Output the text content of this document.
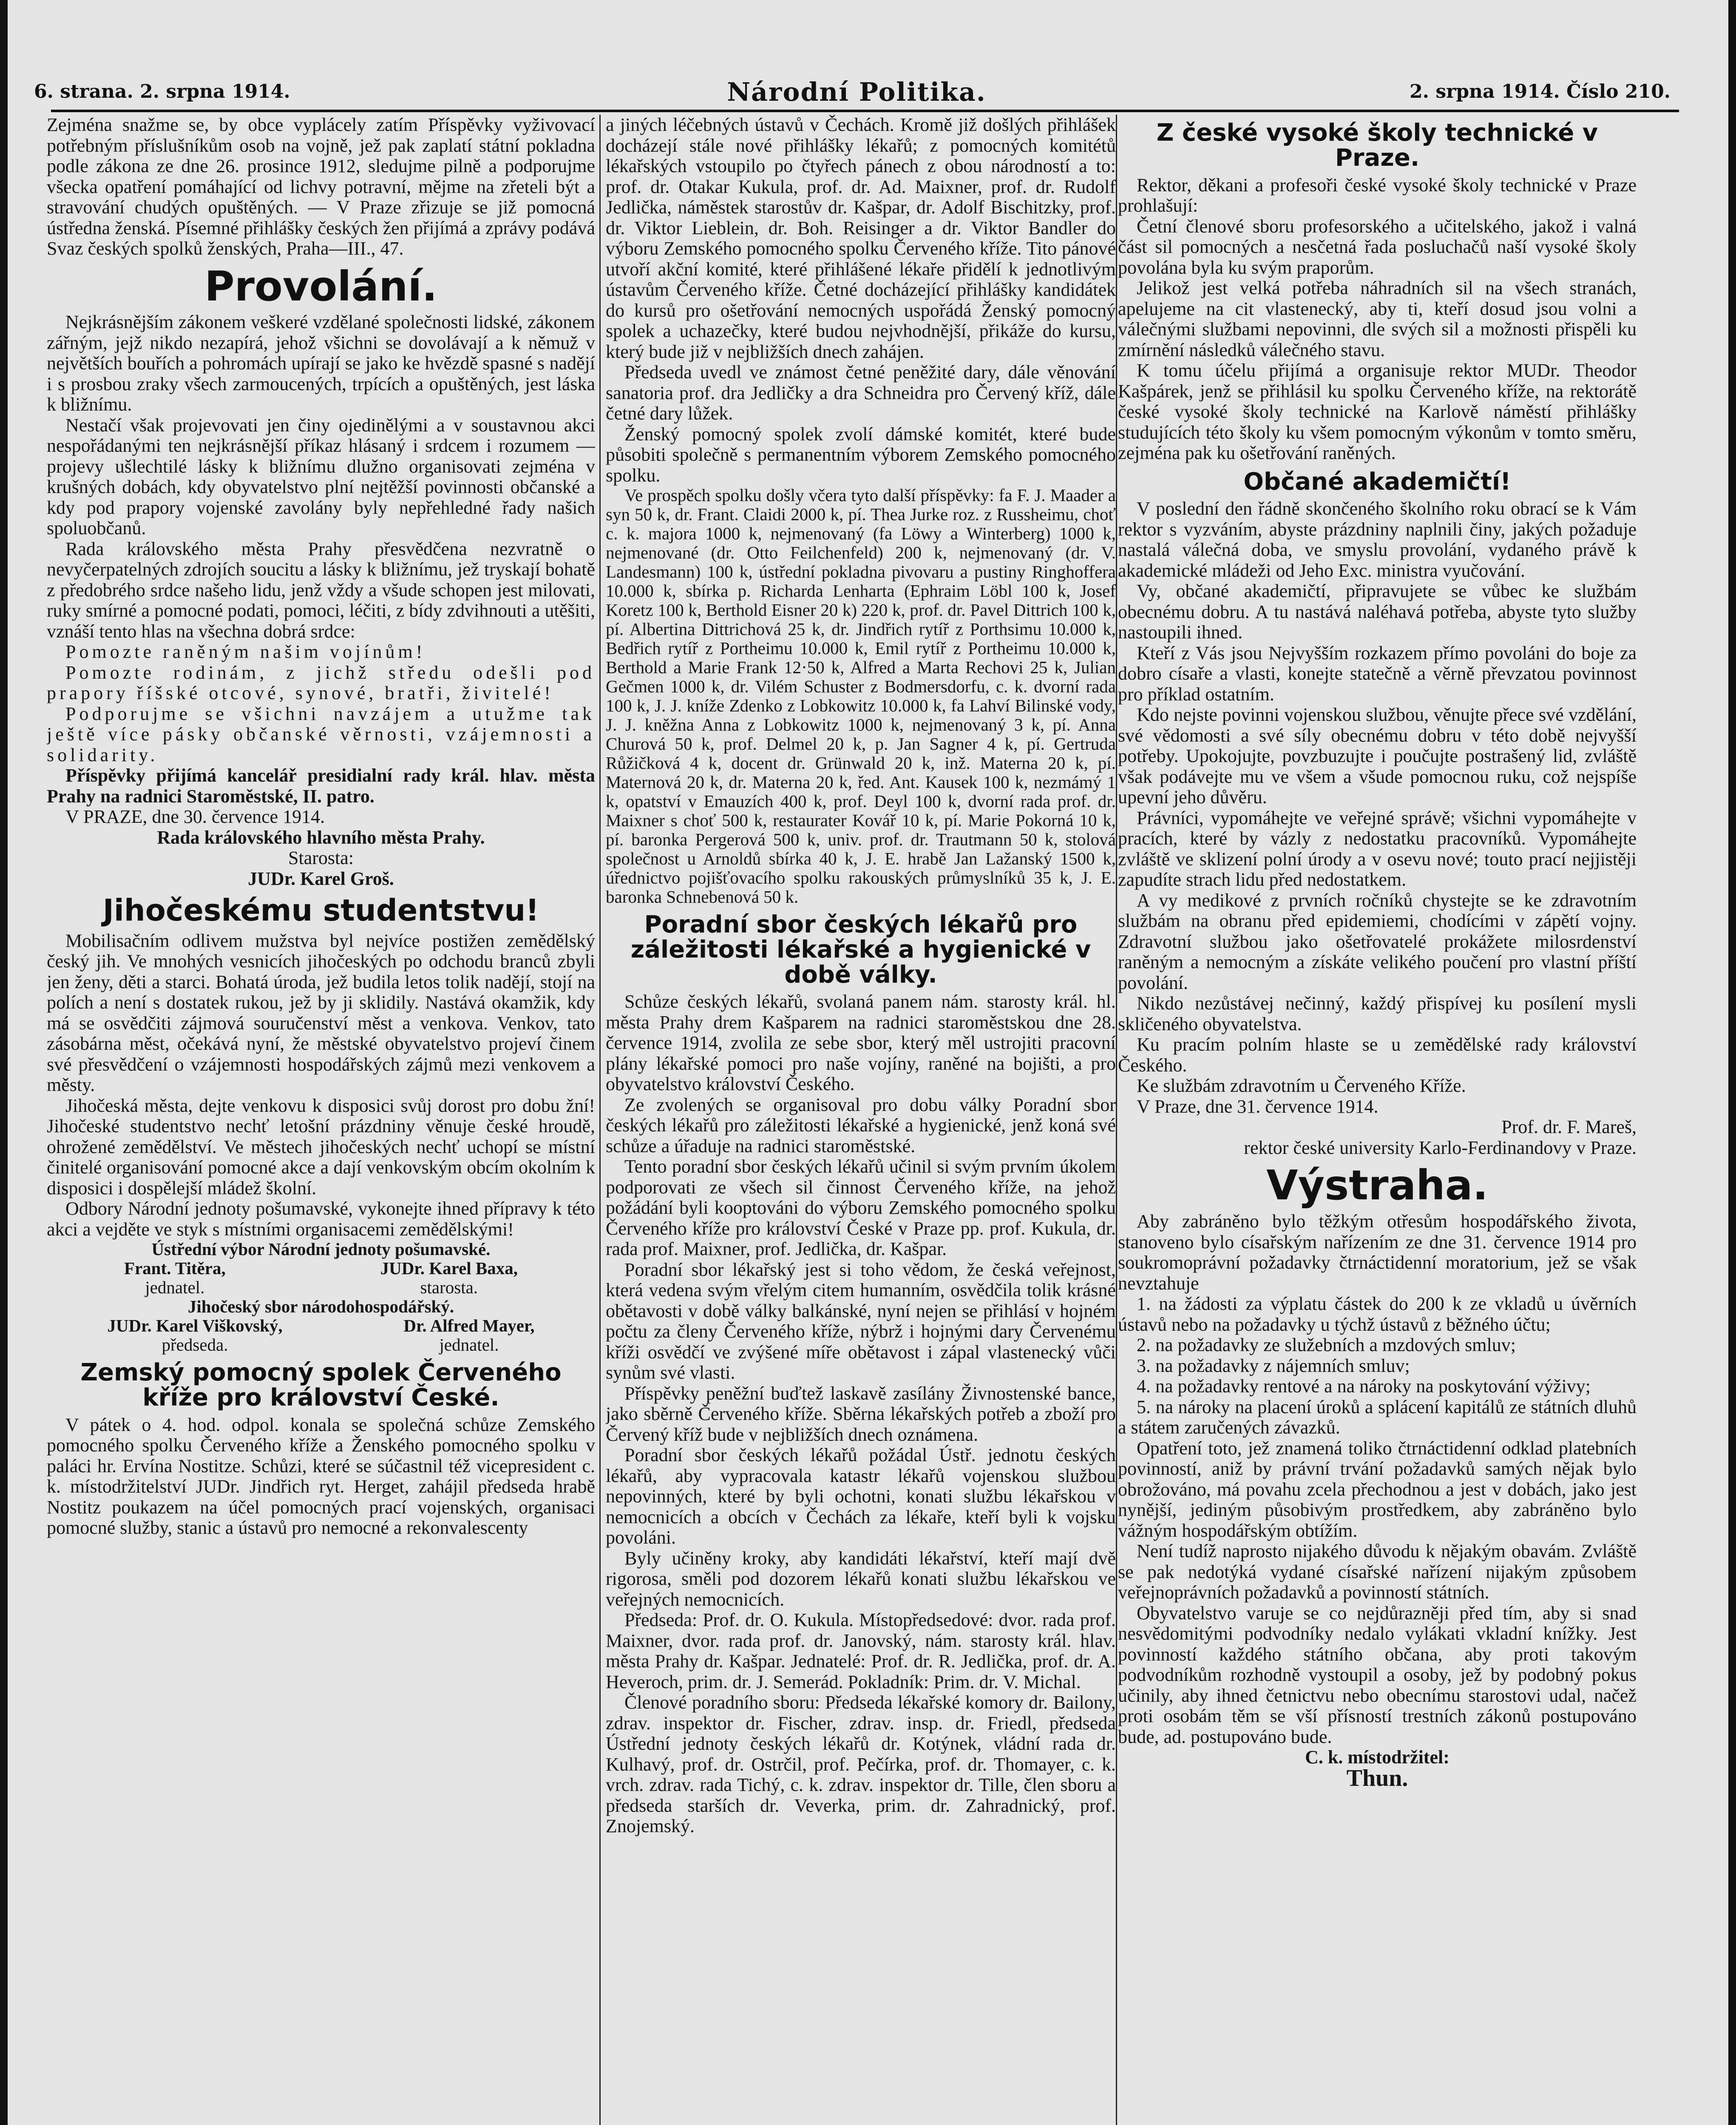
6. strana. 2. srpna 1914.	Národní Politika.	2. srpna 1914. Číslo 210.

Zejména snažme se, by obce vyplácely zatím Příspěvky vyživovací potřebným příslušníkům osob na vojně, jež pak zaplatí státní pokladna podle zákona ze dne 26. prosince 1912, sledujme pilně a podporujme všecka opatření pomáhající od lichvy potravní, mějme na zřeteli být a stravování chudých opuštěných. — V Praze zřizuje se již pomocná ústředna ženská. Písemné přihlášky českých žen přijímá a zprávy podává Svaz českých spolků ženských, Praha—III., 47.

Provolání.

Nejkrásnějším zákonem veškeré vzdělané společnosti lidské, zákonem zářným, jejž nikdo nezapírá, jehož všichni se dovolávají a k němuž v největších bouřích a pohromách upírají se jako ke hvězdě spasné s nadějí i s prosbou zraky všech zarmoucených, trpících a opuštěných, jest láska k bližnímu.

Nestačí však projevovati jen činy ojedinělými a v soustavnou akci nespořádanými ten nejkrásnější příkaz hlásaný i srdcem i rozumem — projevy ušlechtilé lásky k bližnímu dlužno organisovati zejména v krušných dobách, kdy obyvatelstvo plní nejtěžší povinnosti občanské a kdy pod prapory vojenské zavolány byly nepřehledné řady našich spoluobčanů.

Rada královského města Prahy přesvědčena nezvratně o nevyčerpatelných zdrojích soucitu a lásky k bližnímu, jež tryskají bohatě z předobrého srdce našeho lidu, jenž vždy a všude schopen jest milovati, ruky smírné a pomocné podati, pomoci, léčiti, z bídy zdvihnouti a utěšiti, vznáší tento hlas na všechna dobrá srdce:

Pomozte raněným našim vojínům!

Pomozte rodinám, z jichž středu odešli pod prapory říšské otcové, synové, bratři, živitelé!

Podporujme se všichni navzájem a utužme tak ještě více pásky občanské věrnosti, vzájemnosti a solidarity.

Příspěvky přijímá kancelář presidialní rady král. hlav. města Prahy na radnici Staroměstské, II. patro.

V PRAZE, dne 30. července 1914.

Rada královského hlavního města Prahy.

Starosta:

JUDr. Karel Groš.

Jihočeskému studentstvu!

Mobilisačním odlivem mužstva byl nejvíce postižen zemědělský český jih. Ve mnohých vesnicích jihočeských po odchodu branců zbyli jen ženy, děti a starci. Bohatá úroda, jež budila letos tolik nadějí, stojí na polích a není s dostatek rukou, jež by ji sklidily. Nastává okamžik, kdy má se osvědčiti zájmová souručenství měst a venkova. Venkov, tato zásobárna měst, očekává nyní, že městské obyvatelstvo projeví činem své přesvědčení o vzájemnosti hospodářských zájmů mezi venkovem a městy.

Jihočeská města, dejte venkovu k disposici svůj dorost pro dobu žní! Jihočeské studentstvo nechť letošní prázdniny věnuje české hroudě, ohrožené zemědělství. Ve městech jihočeských nechť uchopí se místní činitelé organisování pomocné akce a dají venkovským obcím okolním k disposici i dospělejší mládež školní.

Odbory Národní jednoty pošumavské, vykonejte ihned přípravy k této akci a vejděte ve styk s místními organisacemi zemědělskými!

Ústřední výbor Národní jednoty pošumavské.

Frant. Titěra,
jednatel.
JUDr. Karel Baxa,
starosta.

Jihočeský sbor národohospodářský.

JUDr. Karel Viškovský,
předseda.
Dr. Alfred Mayer,
jednatel.
Zemský pomocný spolek Červeného kříže pro království České.

V pátek o 4. hod. odpol. konala se společná schůze Zemského pomocného spolku Červeného kříže a Ženského pomocného spolku v paláci hr. Ervína Nostitze. Schůzi, které se súčastnil též vicepresident c. k. místodržitelství JUDr. Jindřich ryt. Herget, zahájil předseda hrabě Nostitz poukazem na účel pomocných prací vojenských, organisaci pomocné služby, stanic a ústavů pro nemocné a rekonvalescenty

a jiných léčebných ústavů v Čechách. Kromě již došlých přihlášek docházejí stále nové přihlášky lékařů; z pomocných komitétů lékařských vstoupilo po čtyřech pánech z obou národností a to: prof. dr. Otakar Kukula, prof. dr. Ad. Maixner, prof. dr. Rudolf Jedlička, náměstek starostův dr. Kašpar, dr. Adolf Bischitzky, prof. dr. Viktor Lieblein, dr. Boh. Reisinger a dr. Viktor Bandler do výboru Zemského pomocného spolku Červeného kříže. Tito pánové utvoří akční komité, které přihlášené lékaře přidělí k jednotlivým ústavům Červeného kříže. Četné docházející přihlášky kandidátek do kursů pro ošetřování nemocných uspořádá Ženský pomocný spolek a uchazečky, které budou nejvhodnější, přikáže do kursu, který bude již v nejbližších dnech zahájen.

Předseda uvedl ve známost četné peněžité dary, dále věnování sanatoria prof. dra Jedličky a dra Schneidra pro Červený kříž, dále četné dary lůžek.

Ženský pomocný spolek zvolí dámské komitét, které bude působiti společně s permanentním výborem Zemského pomocného spolku.

Ve prospěch spolku došly včera tyto další příspěvky: fa F. J. Maader a syn 50 k, dr. Frant. Claidi 2000 k, pí. Thea Jurke roz. z Russheimu, choť c. k. majora 1000 k, nejmenovaný (fa Löwy a Winterberg) 1000 k, nejmenované (dr. Otto Feilchenfeld) 200 k, nejmenovaný (dr. V. Landesmann) 100 k, ústřední pokladna pivovaru a pustiny Ringhoffera 10.000 k, sbírka p. Richarda Lenharta (Ephraim Löbl 100 k, Josef Koretz 100 k, Berthold Eisner 20 k) 220 k, prof. dr. Pavel Dittrich 100 k, pí. Albertina Dittrichová 25 k, dr. Jindřich rytíř z Porthsimu 10.000 k, Bedřich rytíř z Portheimu 10.000 k, Emil rytíř z Portheimu 10.000 k, Berthold a Marie Frank 12·50 k, Alfred a Marta Rechovi 25 k, Julian Gečmen 1000 k, dr. Vilém Schuster z Bodmersdorfu, c. k. dvorní rada 100 k, J. J. kníže Zdenko z Lobkowitz 10.000 k, fa Lahví Bilinské vody, J. J. kněžna Anna z Lobkowitz 1000 k, nejmenovaný 3 k, pí. Anna Churová 50 k, prof. Delmel 20 k, p. Jan Sagner 4 k, pí. Gertruda Růžičková 4 k, docent dr. Grünwald 20 k, inž. Materna 20 k, pí. Maternová 20 k, dr. Materna 20 k, řed. Ant. Kausek 100 k, nezmámý 1 k, opatství v Emauzích 400 k, prof. Deyl 100 k, dvorní rada prof. dr. Maixner s choť 500 k, restaurater Kovář 10 k, pí. Marie Pokorná 10 k, pí. baronka Pergerová 500 k, univ. prof. dr. Trautmann 50 k, stolová společnost u Arnoldů sbírka 40 k, J. E. hrabě Jan Lažanský 1500 k, úřednictvo pojišťovacího spolku rakouských průmyslníků 35 k, J. E. baronka Schnebenová 50 k.

Poradní sbor českých lékařů pro záležitosti lékařské a hygienické v době války.

Schůze českých lékařů, svolaná panem nám. starosty král. hl. města Prahy drem Kašparem na radnici staroměstskou dne 28. července 1914, zvolila ze sebe sbor, který měl ustrojiti pracovní plány lékařské pomoci pro naše vojíny, raněné na bojišti, a pro obyvatelstvo království Českého.

Ze zvolených se organisoval pro dobu války Poradní sbor českých lékařů pro záležitosti lékařské a hygienické, jenž koná své schůze a úřaduje na radnici staroměstské.

Tento poradní sbor českých lékařů učinil si svým prvním úkolem podporovati ze všech sil činnost Červeného kříže, na jehož požádání byli kooptováni do výboru Zemského pomocného spolku Červeného kříže pro království České v Praze pp. prof. Kukula, dr. rada prof. Maixner, prof. Jedlička, dr. Kašpar.

Poradní sbor lékařský jest si toho vědom, že česká veřejnost, která vedena svým vřelým citem humanním, osvědčila tolik krásné obětavosti v době války balkánské, nyní nejen se přihlásí v hojném počtu za členy Červeného kříže, nýbrž i hojnými dary Červenému kříži osvědčí ve zvýšené míře obětavost i zápal vlastenecký vůči synům své vlasti.

Příspěvky peněžní buďtež laskavě zasílány Živnostenské bance, jako sběrně Červeného kříže. Sběrna lékařských potřeb a zboží pro Červený kříž bude v nejbližších dnech oznámena.

Poradní sbor českých lékařů požádal Ústř. jednotu českých lékařů, aby vypracovala katastr lékařů vojenskou službou nepovinných, které by byli ochotni, konati službu lékařskou v nemocnicích a obcích v Čechách za lékaře, kteří byli k vojsku povoláni.

Byly učiněny kroky, aby kandidáti lékařství, kteří mají dvě rigorosa, směli pod dozorem lékařů konati službu lékařskou ve veřejných nemocnicích.

Předseda: Prof. dr. O. Kukula. Místopředsedové: dvor. rada prof. Maixner, dvor. rada prof. dr. Janovský, nám. starosty král. hlav. města Prahy dr. Kašpar. Jednatelé: Prof. dr. R. Jedlička, prof. dr. A. Heveroch, prim. dr. J. Semerád. Pokladník: Prim. dr. V. Michal.

Členové poradního sboru: Předseda lékařské komory dr. Bailony, zdrav. inspektor dr. Fischer, zdrav. insp. dr. Friedl, předseda Ústřední jednoty českých lékařů dr. Kotýnek, vládní rada dr. Kulhavý, prof. dr. Ostrčil, prof. Pečírka, prof. dr. Thomayer, c. k. vrch. zdrav. rada Tichý, c. k. zdrav. inspektor dr. Tille, člen sboru a předseda starších dr. Veverka, prim. dr. Zahradnický, prof. Znojemský.

Z české vysoké školy technické v Praze.

Rektor, děkani a profesoři české vysoké školy technické v Praze prohlašují:

Četní členové sboru profesorského a učitelského, jakož i valná část sil pomocných a nesčetná řada posluchačů naší vysoké školy povolána byla ku svým praporům.

Jelikož jest velká potřeba náhradních sil na všech stranách, apelujeme na cit vlastenecký, aby ti, kteří dosud jsou volni a válečnými službami nepovinni, dle svých sil a možnosti přispěli ku zmírnění následků válečného stavu.

K tomu účelu přijímá a organisuje rektor MUDr. Theodor Kašpárek, jenž se přihlásil ku spolku Červeného kříže, na rektorátě české vysoké školy technické na Karlově náměstí přihlášky studujících této školy ku všem pomocným výkonům v tomto směru, zejména pak ku ošetřování raněných.

Občané akademičtí!

V poslední den řádně skončeného školního roku obrací se k Vám rektor s vyzváním, abyste prázdniny naplnili činy, jakých požaduje nastalá válečná doba, ve smyslu provolání, vydaného právě k akademické mládeži od Jeho Exc. ministra vyučování.

Vy, občané akademičtí, připravujete se vůbec ke službám obecnému dobru. A tu nastává naléhavá potřeba, abyste tyto služby nastoupili ihned.

Kteří z Vás jsou Nejvyšším rozkazem přímo povoláni do boje za dobro císaře a vlasti, konejte statečně a věrně převzatou povinnost pro příklad ostatním.

Kdo nejste povinni vojenskou službou, věnujte přece své vzdělání, své vědomosti a své síly obecnému dobru v této době nejvyšší potřeby. Upokojujte, povzbuzujte i poučujte postrašený lid, zvláště však podávejte mu ve všem a všude pomocnou ruku, což nejspíše upevní jeho důvěru.

Právníci, vypomáhejte ve veřejné správě; všichni vypomáhejte v pracích, které by vázly z nedostatku pracovníků. Vypomáhejte zvláště ve sklizení polní úrody a v osevu nové; touto prací nejjistěji zapudíte strach lidu před nedostatkem.

A vy medikové z prvních ročníků chystejte se ke zdravotním službám na obranu před epidemiemi, chodícími v zápětí vojny. Zdravotní službou jako ošetřovatelé prokážete milosrdenství raněným a nemocným a získáte velikého poučení pro vlastní příští povolání.

Nikdo nezůstávej nečinný, každý přispívej ku posílení mysli skličeného obyvatelstva.

Ku pracím polním hlaste se u zemědělské rady království Českého.

Ke službám zdravotním u Červeného Kříže.

V Praze, dne 31. července 1914.

Prof. dr. F. Mareš,

rektor české university Karlo-Ferdinandovy v Praze.

Výstraha.

Aby zabráněno bylo těžkým otřesům hospodářského života, stanoveno bylo císařským nařízením ze dne 31. července 1914 pro soukromoprávní požadavky čtrnáctidenní moratorium, jež se však nevztahuje

1. na žádosti za výplatu částek do 200 k ze vkladů u úvěrních ústavů nebo na požadavky u týchž ústavů z běžného účtu;

2. na požadavky ze služebních a mzdových smluv;

3. na požadavky z nájemních smluv;

4. na požadavky rentové a na nároky na poskytování výživy;

5. na nároky na placení úroků a splácení kapitálů ze státních dluhů a státem zaručených závazků.

Opatření toto, jež znamená toliko čtrnáctidenní odklad platebních povinností, aniž by právní trvání požadavků samých nějak bylo obrožováno, má povahu zcela přechodnou a jest v dobách, jako jest nynější, jediným působivým prostředkem, aby zabráněno bylo vážným hospodářským obtížím.

Není tudíž naprosto nijakého důvodu k nějakým obavám. Zvláště se pak nedotýká vydané císařské nařízení nijakým způsobem veřejnoprávních požadavků a povinností státních.

Obyvatelstvo varuje se co nejdůrazněji před tím, aby si snad nesvědomitými podvodníky nedalo vylákati vkladní knížky. Jest povinností každého státního občana, aby proti takovým podvodníkům rozhodně vystoupil a osoby, jež by podobný pokus učinily, aby ihned četnictvu nebo obecnímu starostovi udal, načež proti osobám těm se vší přísností trestních zákonů postupováno bude, ad. postupováno bude.

C. k. místodržitel:

Thun.
